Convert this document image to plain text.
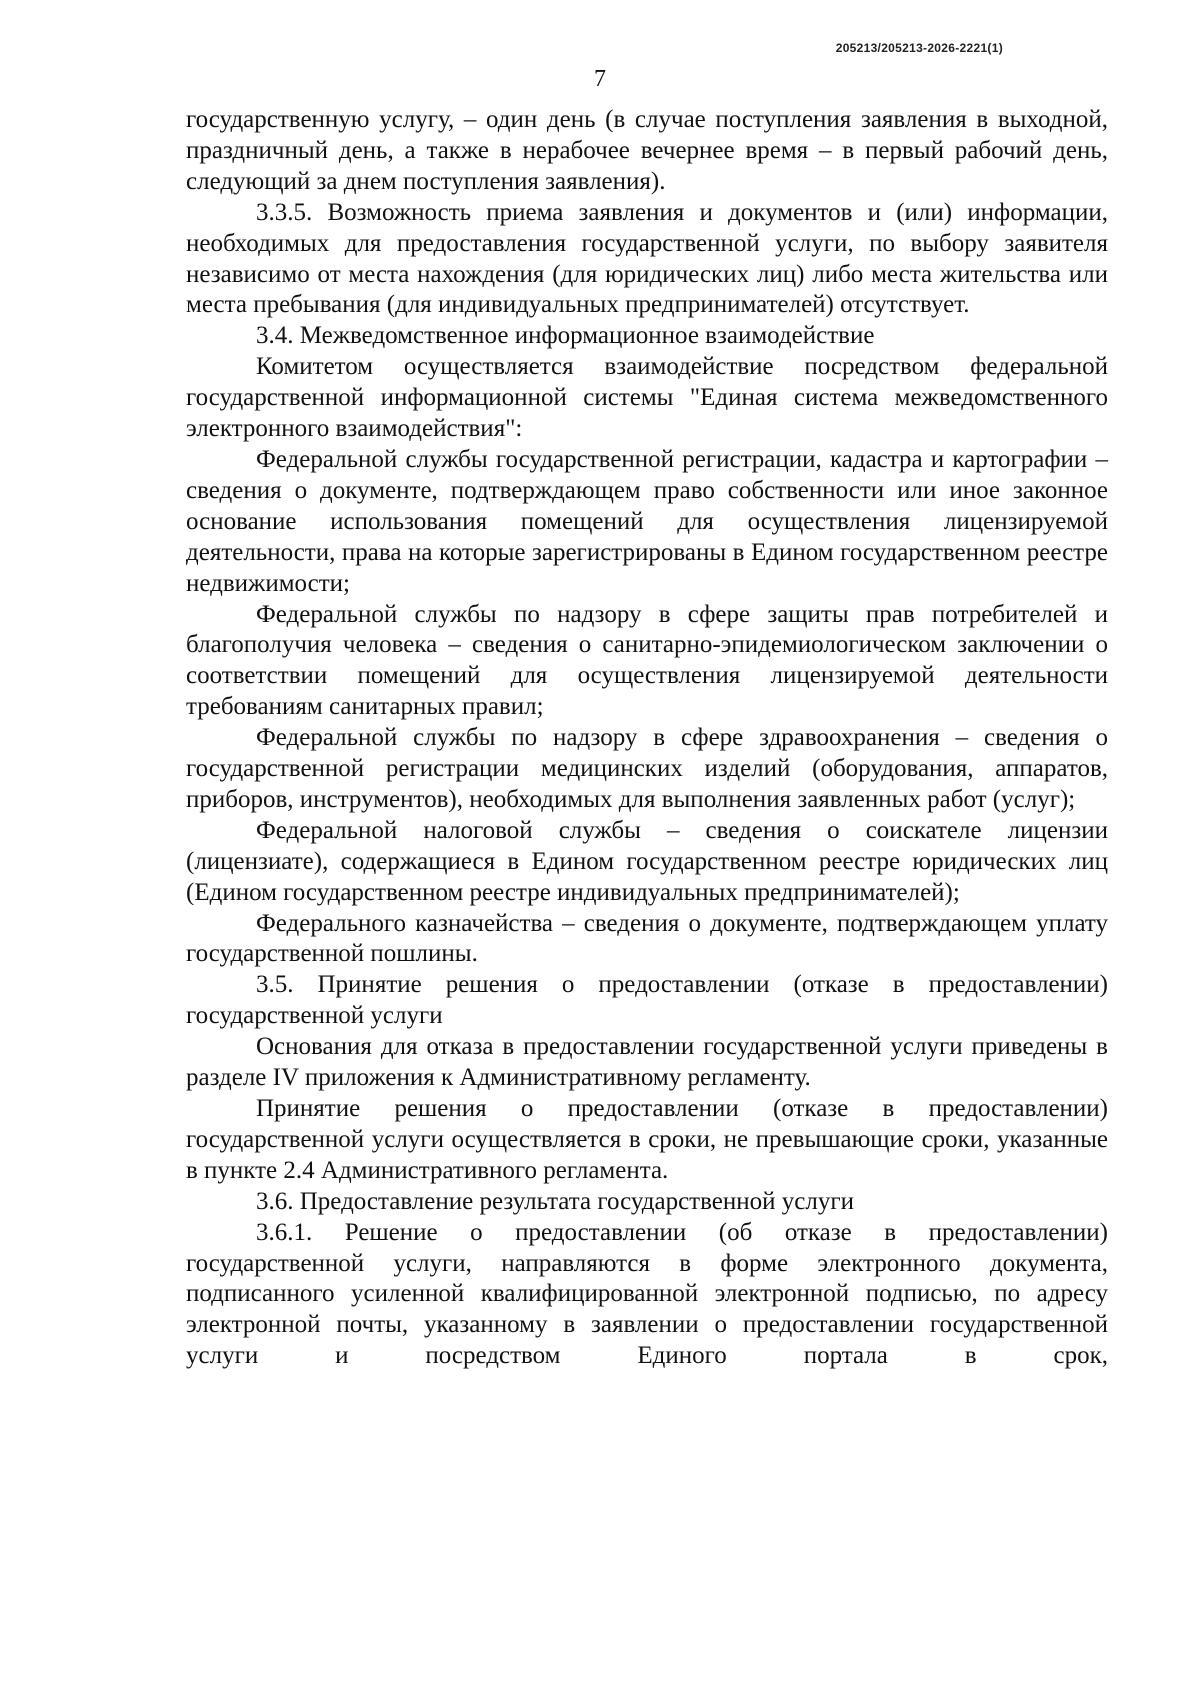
205213/205213-2026-2221(1)
7

государственную услугу, – один день (в случае поступления заявления в выходной, праздничный день, а также в нерабочее вечернее время – в первый рабочий день, следующий за днем поступления заявления).

3.3.5. Возможность приема заявления и документов и (или) информации, необходимых для предоставления государственной услуги, по выбору заявителя независимо от места нахождения (для юридических лиц) либо места жительства или места пребывания (для индивидуальных предпринимателей) отсутствует.

3.4. Межведомственное информационное взаимодействие

Комитетом осуществляется взаимодействие посредством федеральной государственной информационной системы "Единая система межведомственного электронного взаимодействия":

Федеральной службы государственной регистрации, кадастра и картографии – сведения о документе, подтверждающем право собственности или иное законное основание использования помещений для осуществления лицензируемой деятельности, права на которые зарегистрированы в Едином государственном реестре недвижимости;

Федеральной службы по надзору в сфере защиты прав потребителей и благополучия человека – сведения о санитарно-эпидемиологическом заключении о соответствии помещений для осуществления лицензируемой деятельности требованиям санитарных правил;

Федеральной службы по надзору в сфере здравоохранения – сведения о государственной регистрации медицинских изделий (оборудования, аппаратов, приборов, инструментов), необходимых для выполнения заявленных работ (услуг);

Федеральной налоговой службы – сведения о соискателе лицензии (лицензиате), содержащиеся в Едином государственном реестре юридических лиц (Едином государственном реестре индивидуальных предпринимателей);

Федерального казначейства – сведения о документе, подтверждающем уплату государственной пошлины.

3.5. Принятие решения о предоставлении (отказе в предоставлении) государственной услуги

Основания для отказа в предоставлении государственной услуги приведены в разделе IV приложения к Административному регламенту.

Принятие решения о предоставлении (отказе в предоставлении) государственной услуги осуществляется в сроки, не превышающие сроки, указанные в пункте 2.4 Административного регламента.

3.6. Предоставление результата государственной услуги

3.6.1. Решение о предоставлении (об отказе в предоставлении) государственной услуги, направляются в форме электронного документа, подписанного усиленной квалифицированной электронной подписью, по адресу электронной почты, указанному в заявлении о предоставлении государственной услуги и посредством Единого портала в срок,
